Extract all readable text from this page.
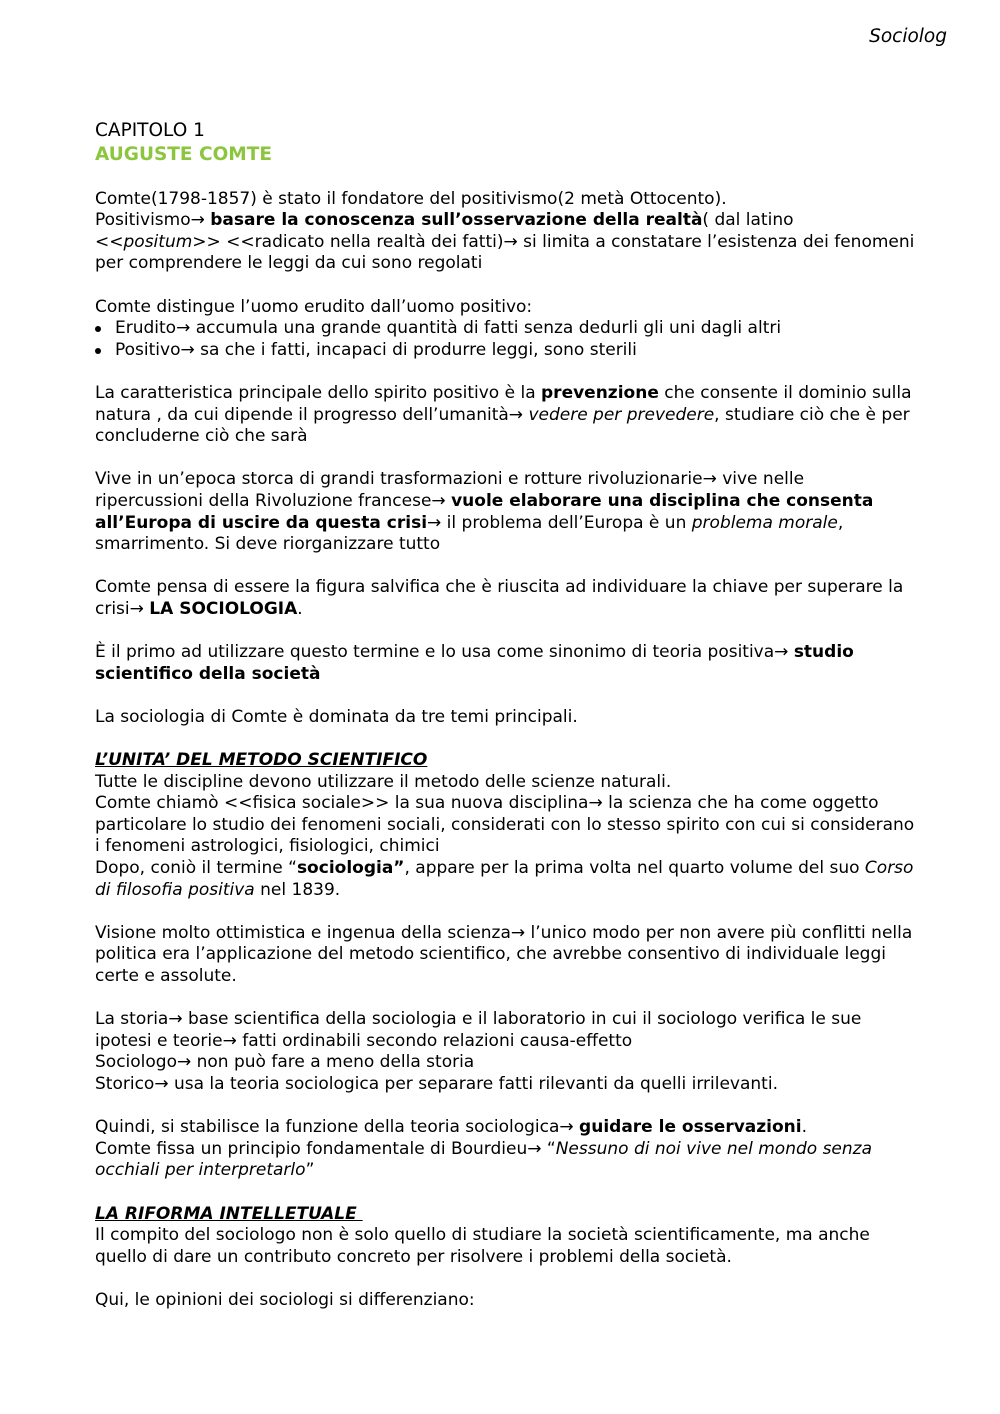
Sociolog
CAPITOLO 1
AUGUSTE COMTE

Comte(1798-1857) è stato il fondatore del positivismo(2 metà Ottocento).
Positivismo→ basare la conoscenza sull’osservazione della realtà( dal latino <<positum>> <<radicato nella realtà dei fatti)→ si limita a constatare l’esistenza dei fenomeni per comprendere le leggi da cui sono regolati

Comte distingue l’uomo erudito dall’uomo positivo:

Erudito→ accumula una grande quantità di fatti senza dedurli gli uni dagli altri
Positivo→ sa che i fatti, incapaci di produrre leggi, sono sterili

La caratteristica principale dello spirito positivo è la prevenzione che consente il dominio sulla natura , da cui dipende il progresso dell’umanità→ vedere per prevedere, studiare ciò che è per concluderne ciò che sarà

Vive in un’epoca storca di grandi trasformazioni e rotture rivoluzionarie→ vive nelle ripercussioni della Rivoluzione francese→ vuole elaborare una disciplina che consenta all’Europa di uscire da questa crisi→ il problema dell’Europa è un problema morale, smarrimento. Si deve riorganizzare tutto

Comte pensa di essere la figura salvifica che è riuscita ad individuare la chiave per superare la crisi→ LA SOCIOLOGIA.

È il primo ad utilizzare questo termine e lo usa come sinonimo di teoria positiva→ studio scientifico della società

La sociologia di Comte è dominata da tre temi principali.

L’UNITA’ DEL METODO SCIENTIFICO

Tutte le discipline devono utilizzare il metodo delle scienze naturali.
Comte chiamò <<fisica sociale>> la sua nuova disciplina→ la scienza che ha come oggetto particolare lo studio dei fenomeni sociali, considerati con lo stesso spirito con cui si considerano i fenomeni astrologici, fisiologici, chimici
Dopo, coniò il termine “sociologia”, appare per la prima volta nel quarto volume del suo Corso di filosofia positiva nel 1839.

Visione molto ottimistica e ingenua della scienza→ l’unico modo per non avere più conflitti nella politica era l’applicazione del metodo scientifico, che avrebbe consentivo di individuale leggi certe e assolute.

La storia→ base scientifica della sociologia e il laboratorio in cui il sociologo verifica le sue ipotesi e teorie→ fatti ordinabili secondo relazioni causa-effetto
Sociologo→ non può fare a meno della storia
Storico→ usa la teoria sociologica per separare fatti rilevanti da quelli irrilevanti.

Quindi, si stabilisce la funzione della teoria sociologica→ guidare le osservazioni.
Comte fissa un principio fondamentale di Bourdieu→ “Nessuno di noi vive nel mondo senza occhiali per interpretarlo”

LA RIFORMA INTELLETUALE

Il compito del sociologo non è solo quello di studiare la società scientificamente, ma anche quello di dare un contributo concreto per risolvere i problemi della società.

Qui, le opinioni dei sociologi si differenziano:
